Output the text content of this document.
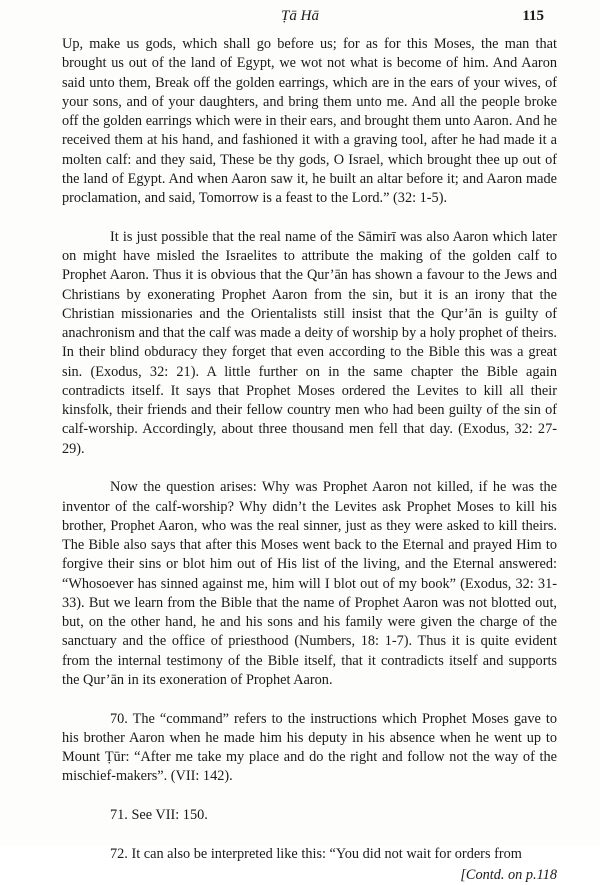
Ṭā Hā	115

Up, make us gods, which shall go before us; for as for this Moses, the man that brought us out of the land of Egypt, we wot not what is become of him. And Aaron said unto them, Break off the golden earrings, which are in the ears of your wives, of your sons, and of your daughters, and bring them unto me. And all the people broke off the golden earrings which were in their ears, and brought them unto Aaron. And he received them at his hand, and fashioned it with a graving tool, after he had made it a molten calf: and they said, These be thy gods, O Israel, which brought thee up out of the land of Egypt. And when Aaron saw it, he built an altar before it; and Aaron made proclamation, and said, Tomorrow is a feast to the Lord.” (32: 1-5).

It is just possible that the real name of the Sāmirī was also Aaron which later on might have misled the Israelites to attribute the making of the golden calf to Prophet Aaron. Thus it is obvious that the Qur’ān has shown a favour to the Jews and Christians by exonerating Prophet Aaron from the sin, but it is an irony that the Christian missionaries and the Orientalists still insist that the Qur’ān is guilty of anachronism and that the calf was made a deity of worship by a holy prophet of theirs. In their blind obduracy they forget that even according to the Bible this was a great sin. (Exodus, 32: 21). A little further on in the same chapter the Bible again contradicts itself. It says that Prophet Moses ordered the Levites to kill all their kinsfolk, their friends and their fellow country men who had been guilty of the sin of calf-worship. Accordingly, about three thousand men fell that day. (Exodus, 32: 27-29).

Now the question arises: Why was Prophet Aaron not killed, if he was the inventor of the calf-worship? Why didn’t the Levites ask Prophet Moses to kill his brother, Prophet Aaron, who was the real sinner, just as they were asked to kill theirs. The Bible also says that after this Moses went back to the Eternal and prayed Him to forgive their sins or blot him out of His list of the living, and the Eternal answered: “Whosoever has sinned against me, him will I blot out of my book” (Exodus, 32: 31-33). But we learn from the Bible that the name of Prophet Aaron was not blotted out, but, on the other hand, he and his sons and his family were given the charge of the sanctuary and the office of priesthood (Numbers, 18: 1-7). Thus it is quite evident from the internal testimony of the Bible itself, that it contradicts itself and supports the Qur’ān in its exoneration of Prophet Aaron.

70. The “command” refers to the instructions which Prophet Moses gave to his brother Aaron when he made him his deputy in his absence when he went up to Mount Ṭūr: “After me take my place and do the right and follow not the way of the mischief-makers”. (VII: 142).

71. See VII: 150.

72. It can also be interpreted like this: “You did not wait for orders from

[Contd. on p.118
